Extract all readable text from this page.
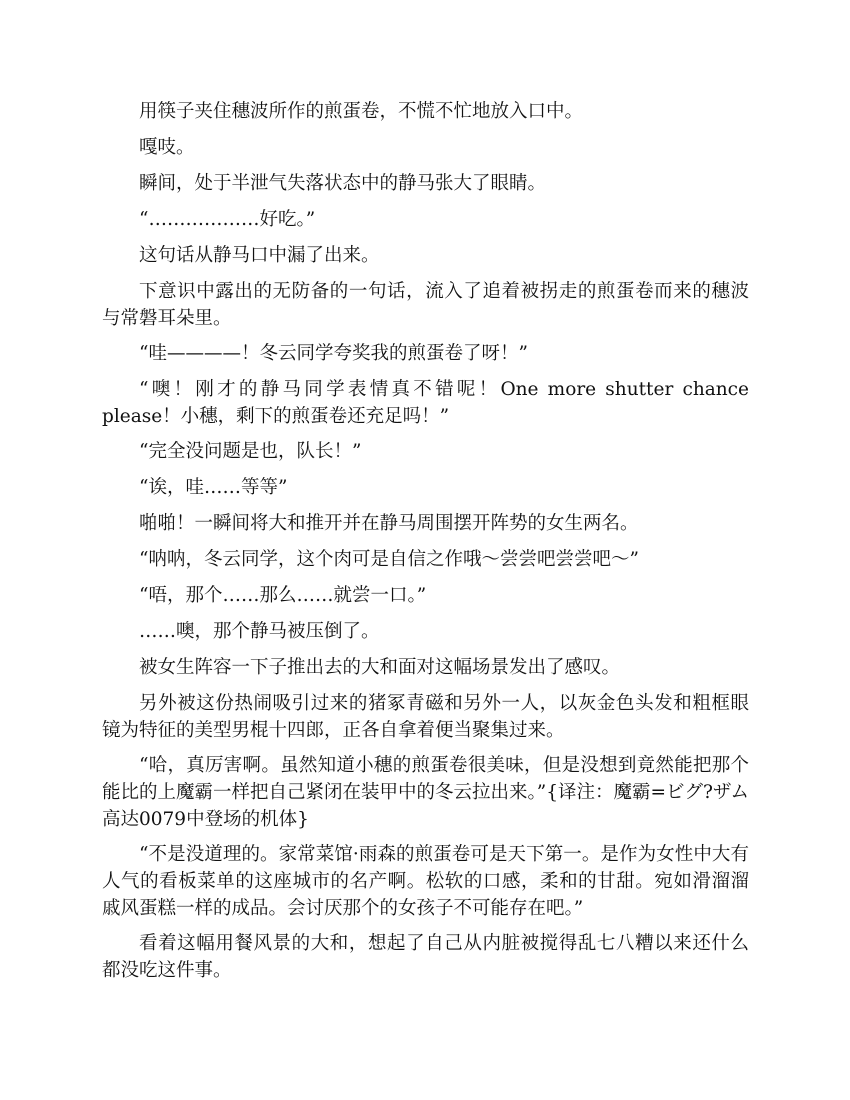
用筷子夹住穗波所作的煎蛋卷，不慌不忙地放入口中。

嘎吱。

瞬间，处于半泄气失落状态中的静马张大了眼睛。

“………………好吃。”

这句话从静马口中漏了出来。

下意识中露出的无防备的一句话，流入了追着被拐走的煎蛋卷而来的穗波与常磐耳朵里。

“哇————！冬云同学夸奖我的煎蛋卷了呀！”

“噢！刚才的静马同学表情真不错呢！One more shutter chance please！小穗，剩下的煎蛋卷还充足吗！”

“完全没问题是也，队长！”

“诶，哇……等等”

啪啪！一瞬间将大和推开并在静马周围摆开阵势的女生两名。

“呐呐，冬云同学，这个肉可是自信之作哦～尝尝吧尝尝吧～”

“唔，那个……那么……就尝一口。”

……噢，那个静马被压倒了。

被女生阵容一下子推出去的大和面对这幅场景发出了感叹。

另外被这份热闹吸引过来的猪冢青磁和另外一人，以灰金色头发和粗框眼镜为特征的美型男棍十四郎，正各自拿着便当聚集过来。

“哈，真厉害啊。虽然知道小穗的煎蛋卷很美味，但是没想到竟然能把那个能比的上魔霸一样把自己紧闭在装甲中的冬云拉出来。”{译注：魔霸=ビグ?ザム 高达0079中登场的机体}

“不是没道理的。家常菜馆·雨森的煎蛋卷可是天下第一。是作为女性中大有人气的看板菜单的这座城市的名产啊。松软的口感，柔和的甘甜。宛如滑溜溜戚风蛋糕一样的成品。会讨厌那个的女孩子不可能存在吧。”

看着这幅用餐风景的大和，想起了自己从内脏被搅得乱七八糟以来还什么都没吃这件事。
